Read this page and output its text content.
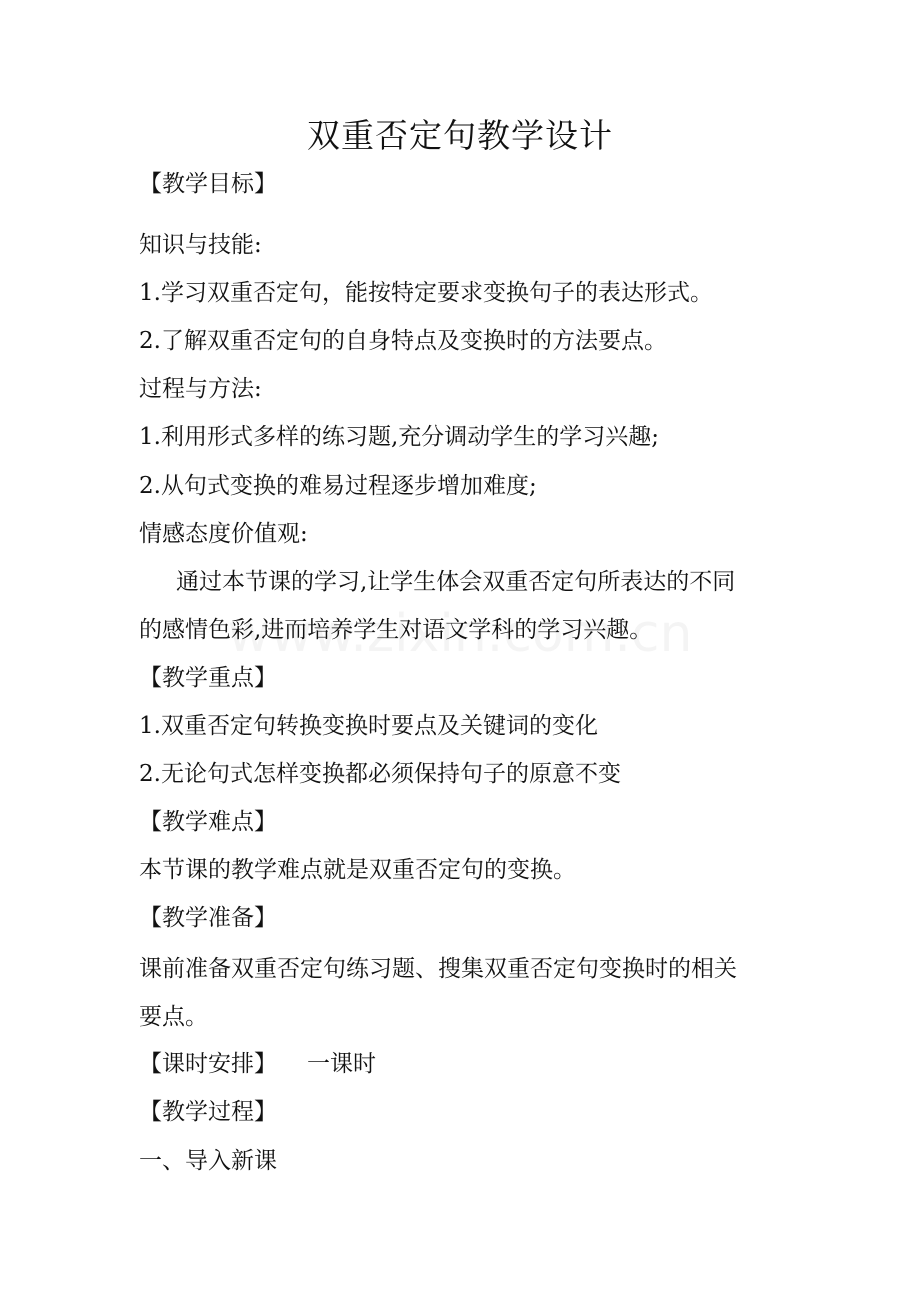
双重否定句教学设计
【教学目标】
知识与技能:
1.学习双重否定句，能按特定要求变换句子的表达形式。
2.了解双重否定句的自身特点及变换时的方法要点。
过程与方法:
1.利用形式多样的练习题,充分调动学生的学习兴趣;
2.从句式变换的难易过程逐步增加难度;
情感态度价值观:
通过本节课的学习,让学生体会双重否定句所表达的不同
的感情色彩,进而培养学生对语文学科的学习兴趣。
【教学重点】
1.双重否定句转换变换时要点及关键词的变化
2.无论句式怎样变换都必须保持句子的原意不变
【教学难点】
本节课的教学难点就是双重否定句的变换。
【教学准备】
课前准备双重否定句练习题、搜集双重否定句变换时的相关
要点。
【课时安排】 一课时
【教学过程】
一、导入新课
